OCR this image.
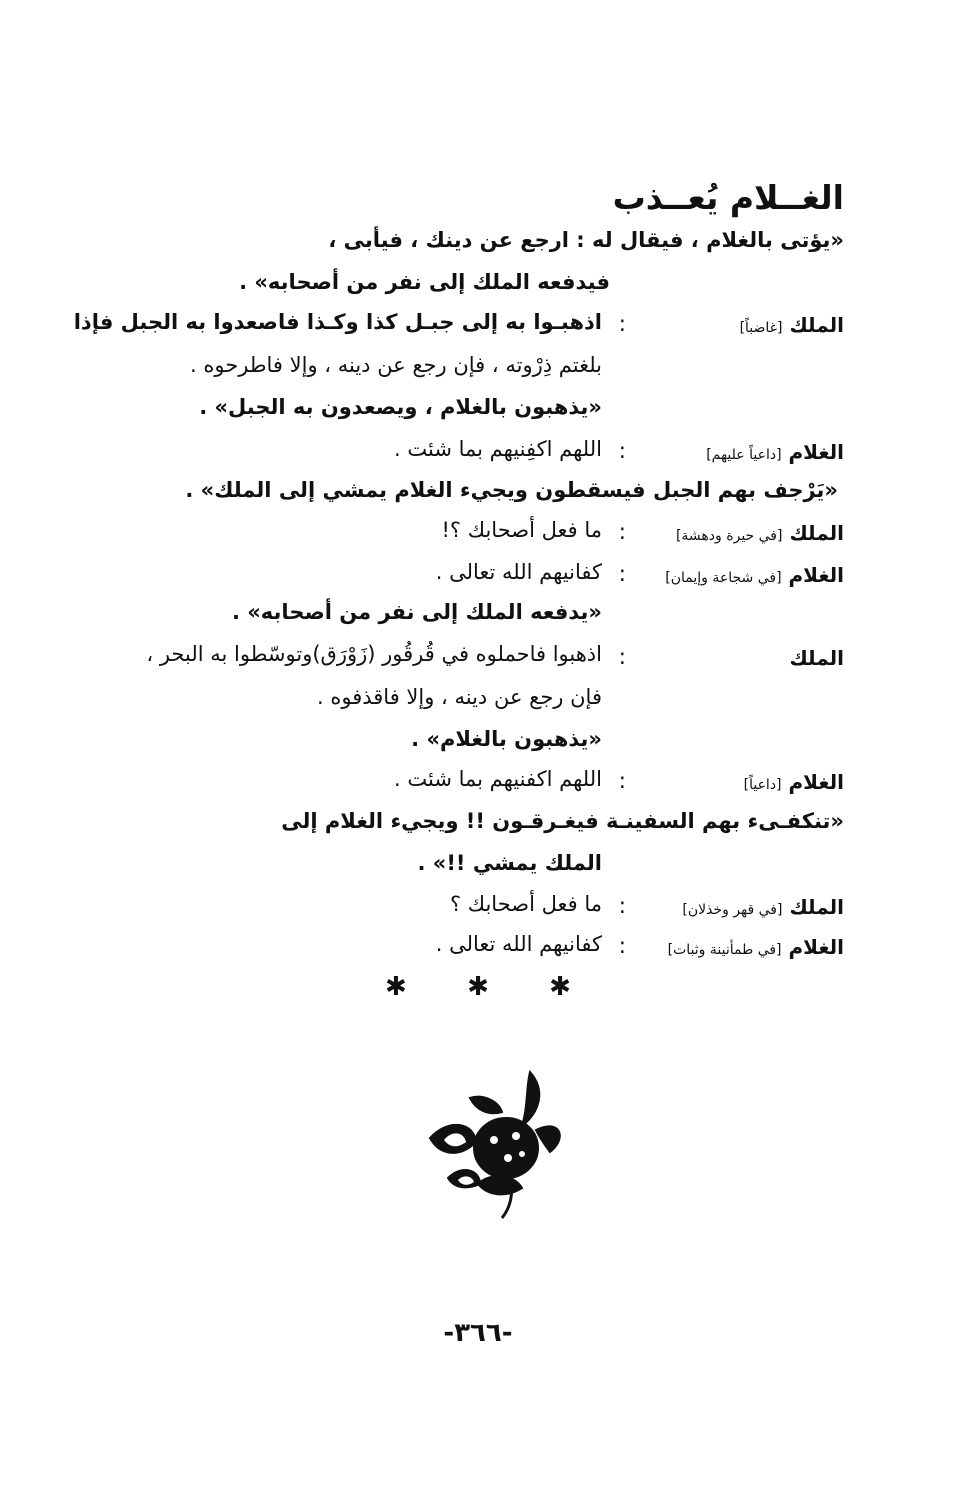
الغــلام يُعــذب
«يؤتى بالغلام ، فيقال له : ارجع عن دينك ، فيأبى ،
فيدفعه الملك إلى نفر من أصحابه» .
الملك [غاضباً]
:
اذهبـوا به إلى جبـل كذا وكـذا فاصعدوا به الجبل فإذا
بلغتم ذِرْوته ، فإن رجع عن دينه ، وإلا فاطرحوه .
«يذهبون بالغلام ، ويصعدون به الجبل» .
الغلام [داعياً عليهم]
:
اللهم اكفِنيهم بما شئت .
«يَرْجف بهم الجبل فيسقطون ويجيء الغلام يمشي إلى الملك» .
الملك [في حيرة ودهشة]
:
ما فعل أصحابك ؟!
الغلام [في شجاعة وإيمان]
:
كفانيهم الله تعالى .
«يدفعه الملك إلى نفر من أصحابه» .
الملك
:
اذهبوا فاحملوه في قُرقُور (زَوْرَق)وتوسّطوا به البحر ،
فإن رجع عن دينه ، وإلا فاقذفوه .
«يذهبون بالغلام» .
الغلام [داعياً]
:
اللهم اكفنيهم بما شئت .
«تنكفـىء بهم السفينـة فيغـرقـون !! ويجيء الغلام إلى
الملك يمشي !!» .
الملك [في قهر وخذلان]
:
ما فعل أصحابك ؟
الغلام [في طمأنينة وثبات]
:
كفانيهم الله تعالى .
✱ ✱ ✱
-٣٦٦-
